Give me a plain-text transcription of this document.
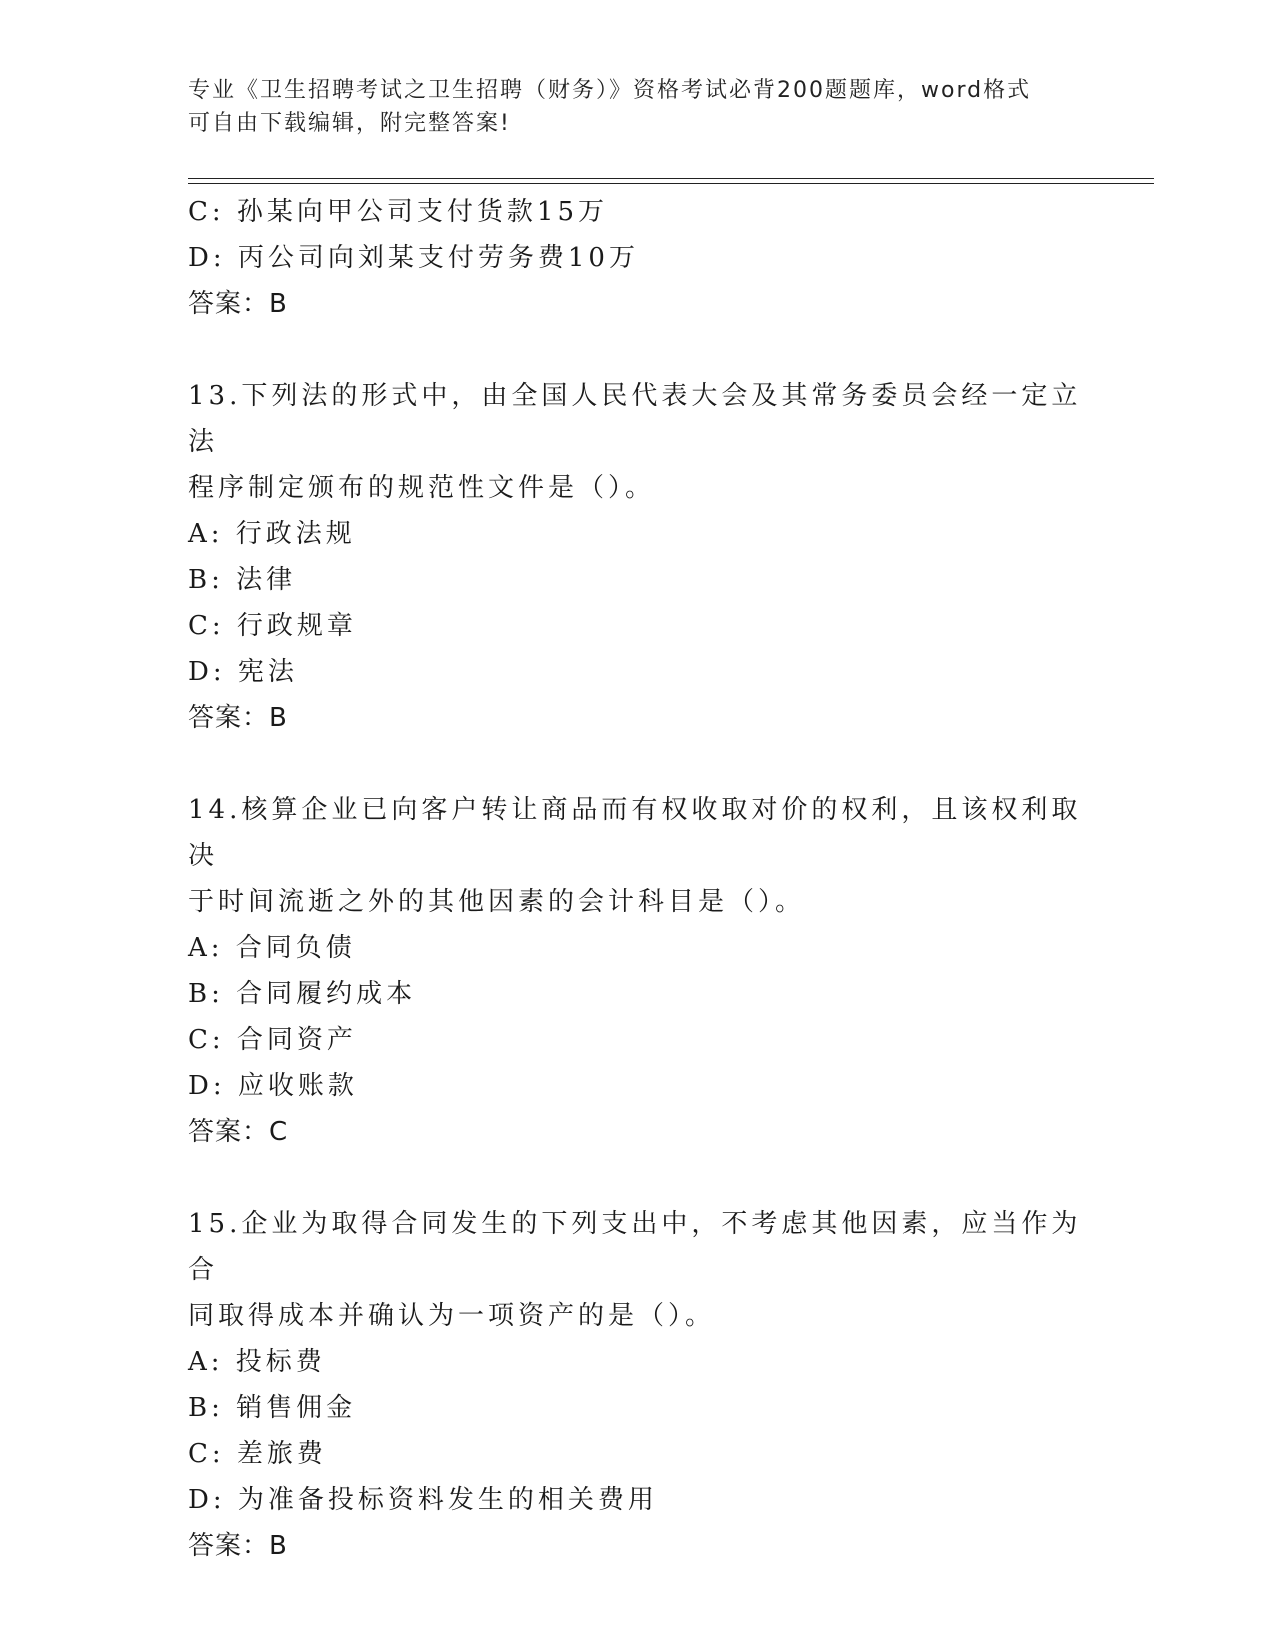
专业《卫生招聘考试之卫生招聘（财务）》资格考试必背200题题库，word格式
可自由下载编辑，附完整答案!
C: 孙某向甲公司支付货款15万
D: 丙公司向刘某支付劳务费10万
答案：B
13.下列法的形式中，由全国人民代表大会及其常务委员会经一定立法
程序制定颁布的规范性文件是（）。
A: 行政法规
B: 法律
C: 行政规章
D: 宪法
答案：B
14.核算企业已向客户转让商品而有权收取对价的权利，且该权利取决
于时间流逝之外的其他因素的会计科目是（）。
A: 合同负债
B: 合同履约成本
C: 合同资产
D: 应收账款
答案：C
15.企业为取得合同发生的下列支出中，不考虑其他因素，应当作为合
同取得成本并确认为一项资产的是（）。
A: 投标费
B: 销售佣金
C: 差旅费
D: 为准备投标资料发生的相关费用
答案：B
